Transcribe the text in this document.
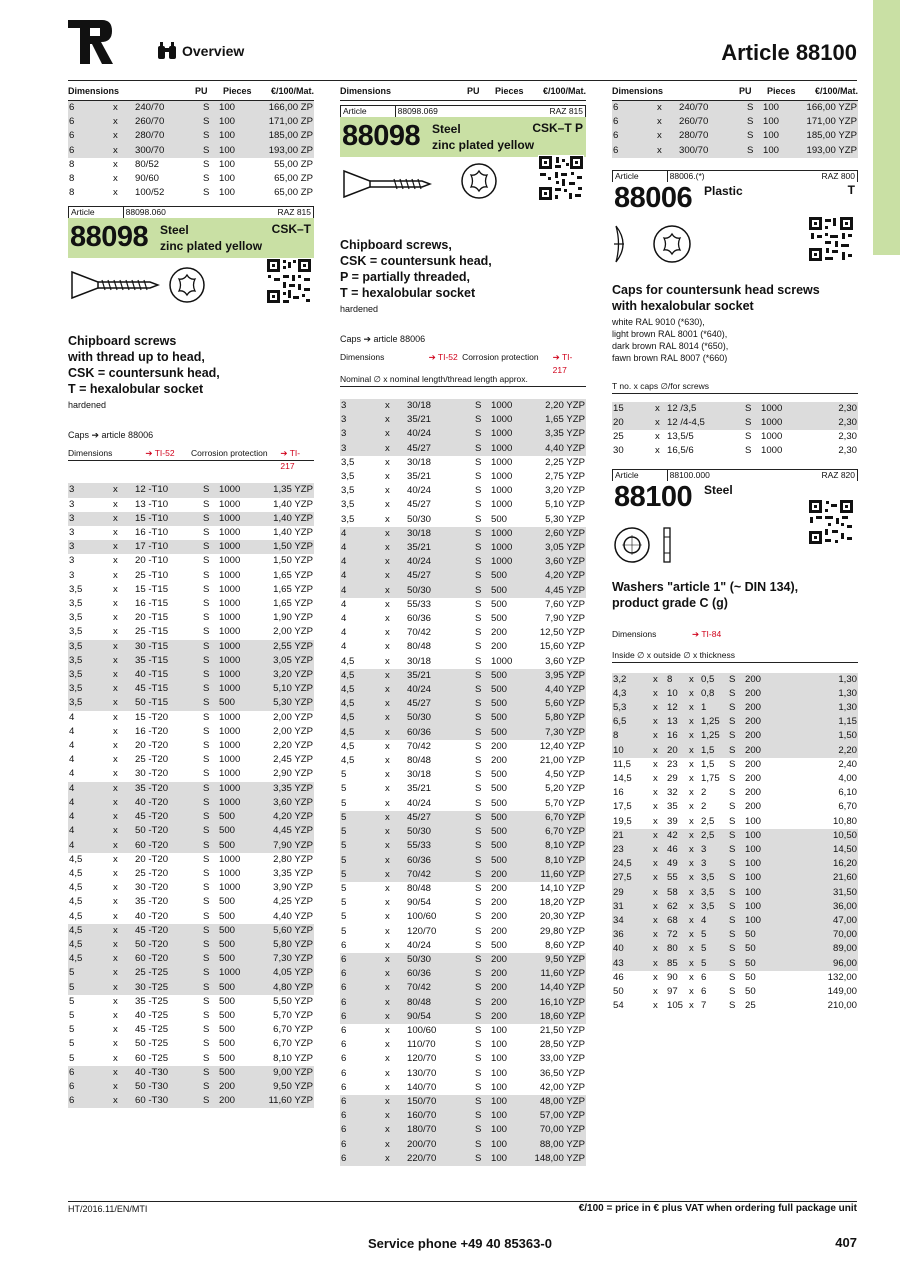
Overview	Article 88100
Dimensions	PU	Pieces	€/100/Mat.
6	x	240/70	S	100	166,00 ZP
6	x	260/70	S	100	171,00 ZP
6	x	280/70	S	100	185,00 ZP
6	x	300/70	S	100	193,00 ZP
8	x	80/52	S	100	55,00 ZP
8	x	90/60	S	100	65,00 ZP
8	x	100/52	S	100	65,00 ZP
Article	88098.060	RAZ 815
88098 Steel
zinc plated yellow
CSK–T
Chipboard screws
with thread up to head,
CSK = countersunk head,
T = hexalobular socket
hardened
Caps ➔ article 88006
Dimensions	➔ TI-52	Corrosion protection	➔ TI-217
3	x	12 -T10	S	1000	1,35 YZP
3	x	13 -T10	S	1000	1,40 YZP
3	x	15 -T10	S	1000	1,40 YZP
3	x	16 -T10	S	1000	1,40 YZP
3	x	17 -T10	S	1000	1,50 YZP
3	x	20 -T10	S	1000	1,50 YZP
3	x	25 -T10	S	1000	1,65 YZP
3,5	x	15 -T15	S	1000	1,65 YZP
3,5	x	16 -T15	S	1000	1,65 YZP
3,5	x	20 -T15	S	1000	1,90 YZP
3,5	x	25 -T15	S	1000	2,00 YZP
3,5	x	30 -T15	S	1000	2,55 YZP
3,5	x	35 -T15	S	1000	3,05 YZP
3,5	x	40 -T15	S	1000	3,20 YZP
3,5	x	45 -T15	S	1000	5,10 YZP
3,5	x	50 -T15	S	500	5,30 YZP
4	x	15 -T20	S	1000	2,00 YZP
4	x	16 -T20	S	1000	2,00 YZP
4	x	20 -T20	S	1000	2,20 YZP
4	x	25 -T20	S	1000	2,45 YZP
4	x	30 -T20	S	1000	2,90 YZP
4	x	35 -T20	S	1000	3,35 YZP
4	x	40 -T20	S	1000	3,60 YZP
4	x	45 -T20	S	500	4,20 YZP
4	x	50 -T20	S	500	4,45 YZP
4	x	60 -T20	S	500	7,90 YZP
4,5	x	20 -T20	S	1000	2,80 YZP
4,5	x	25 -T20	S	1000	3,35 YZP
4,5	x	30 -T20	S	1000	3,90 YZP
4,5	x	35 -T20	S	500	4,25 YZP
4,5	x	40 -T20	S	500	4,40 YZP
4,5	x	45 -T20	S	500	5,60 YZP
4,5	x	50 -T20	S	500	5,80 YZP
4,5	x	60 -T20	S	500	7,30 YZP
5	x	25 -T25	S	1000	4,05 YZP
5	x	30 -T25	S	500	4,80 YZP
5	x	35 -T25	S	500	5,50 YZP
5	x	40 -T25	S	500	5,70 YZP
5	x	45 -T25	S	500	6,70 YZP
5	x	50 -T25	S	500	6,70 YZP
5	x	60 -T25	S	500	8,10 YZP
6	x	40 -T30	S	500	9,00 YZP
6	x	50 -T30	S	200	9,50 YZP
6	x	60 -T30	S	200	11,60 YZP
Dimensions	PU	Pieces	€/100/Mat.
Article	88098.069	RAZ 815
88098 Steel
zinc plated yellow
CSK–T P
Chipboard screws,
CSK = countersunk head,
P = partially threaded,
T = hexalobular socket
hardened
Caps ➔ article 88006
Dimensions	➔ TI-52 Corrosion protection	➔ TI-217
Nominal ∅ x nominal length/thread length approx.
3	x	30/18	S	1000	2,20 YZP
3	x	35/21	S	1000	1,65 YZP
3	x	40/24	S	1000	3,35 YZP
3	x	45/27	S	1000	4,40 YZP
3,5	x	30/18	S	1000	2,25 YZP
3,5	x	35/21	S	1000	2,75 YZP
3,5	x	40/24	S	1000	3,20 YZP
3,5	x	45/27	S	1000	5,10 YZP
3,5	x	50/30	S	500	5,30 YZP
4	x	30/18	S	1000	2,60 YZP
4	x	35/21	S	1000	3,05 YZP
4	x	40/24	S	1000	3,60 YZP
4	x	45/27	S	500	4,20 YZP
4	x	50/30	S	500	4,45 YZP
4	x	55/33	S	500	7,60 YZP
4	x	60/36	S	500	7,90 YZP
4	x	70/42	S	200	12,50 YZP
4	x	80/48	S	200	15,60 YZP
4,5	x	30/18	S	1000	3,60 YZP
4,5	x	35/21	S	500	3,95 YZP
4,5	x	40/24	S	500	4,40 YZP
4,5	x	45/27	S	500	5,60 YZP
4,5	x	50/30	S	500	5,80 YZP
4,5	x	60/36	S	500	7,30 YZP
4,5	x	70/42	S	200	12,40 YZP
4,5	x	80/48	S	200	21,00 YZP
5	x	30/18	S	500	4,50 YZP
5	x	35/21	S	500	5,20 YZP
5	x	40/24	S	500	5,70 YZP
5	x	45/27	S	500	6,70 YZP
5	x	50/30	S	500	6,70 YZP
5	x	55/33	S	500	8,10 YZP
5	x	60/36	S	500	8,10 YZP
5	x	70/42	S	200	11,60 YZP
5	x	80/48	S	200	14,10 YZP
5	x	90/54	S	200	18,20 YZP
5	x	100/60	S	200	20,30 YZP
5	x	120/70	S	200	29,80 YZP
6	x	40/24	S	500	8,60 YZP
6	x	50/30	S	200	9,50 YZP
6	x	60/36	S	200	11,60 YZP
6	x	70/42	S	200	14,40 YZP
6	x	80/48	S	200	16,10 YZP
6	x	90/54	S	200	18,60 YZP
6	x	100/60	S	100	21,50 YZP
6	x	110/70	S	100	28,50 YZP
6	x	120/70	S	100	33,00 YZP
6	x	130/70	S	100	36,50 YZP
6	x	140/70	S	100	42,00 YZP
6	x	150/70	S	100	48,00 YZP
6	x	160/70	S	100	57,00 YZP
6	x	180/70	S	100	70,00 YZP
6	x	200/70	S	100	88,00 YZP
6	x	220/70	S	100	148,00 YZP
Dimensions	PU	Pieces	€/100/Mat.
6	x	240/70	S	100	166,00 YZP
6	x	260/70	S	100	171,00 YZP
6	x	280/70	S	100	185,00 YZP
6	x	300/70	S	100	193,00 YZP
Article	88006.(*)	RAZ 800
88006 Plastic	T
Caps for countersunk head screws
with hexalobular socket
white RAL 9010 (*630),
light brown RAL 8001 (*640),
dark brown RAL 8014 (*650),
fawn brown RAL 8007 (*660)
T no. x caps ∅/for screws
15	x	12 /3,5	S	1000	2,30
20	x	12 /4-4,5	S	1000	2,30
25	x	13,5/5	S	1000	2,30
30	x	16,5/6	S	1000	2,30
Article	88100.000	RAZ 820
88100 Steel
Washers "article 1" (~ DIN 134),
product grade C (g)
Dimensions	➔ TI-84
Inside ∅ x outside ∅ x thickness
3,2	x	8	x	0,5	S	200	1,30
4,3	x	10	x	0,8	S	200	1,30
5,3	x	12	x	1	S	200	1,30
6,5	x	13	x	1,25	S	200	1,15
8	x	16	x	1,25	S	200	1,50
10	x	20	x	1,5	S	200	2,20
11,5	x	23	x	1,5	S	200	2,40
14,5	x	29	x	1,75	S	200	4,00
16	x	32	x	2	S	200	6,10
17,5	x	35	x	2	S	200	6,70
19,5	x	39	x	2,5	S	100	10,80
21	x	42	x	2,5	S	100	10,50
23	x	46	x	3	S	100	14,50
24,5	x	49	x	3	S	100	16,20
27,5	x	55	x	3,5	S	100	21,60
29	x	58	x	3,5	S	100	31,50
31	x	62	x	3,5	S	100	36,00
34	x	68	x	4	S	100	47,00
36	x	72	x	5	S	50	70,00
40	x	80	x	5	S	50	89,00
43	x	85	x	5	S	50	96,00
46	x	90	x	6	S	50	132,00
50	x	97	x	6	S	50	149,00
54	x	105	x	7	S	25	210,00
HT/2016.11/EN/MTI	€/100 = price in € plus VAT when ordering full package unit
Service phone +49 40 85363-0	407
